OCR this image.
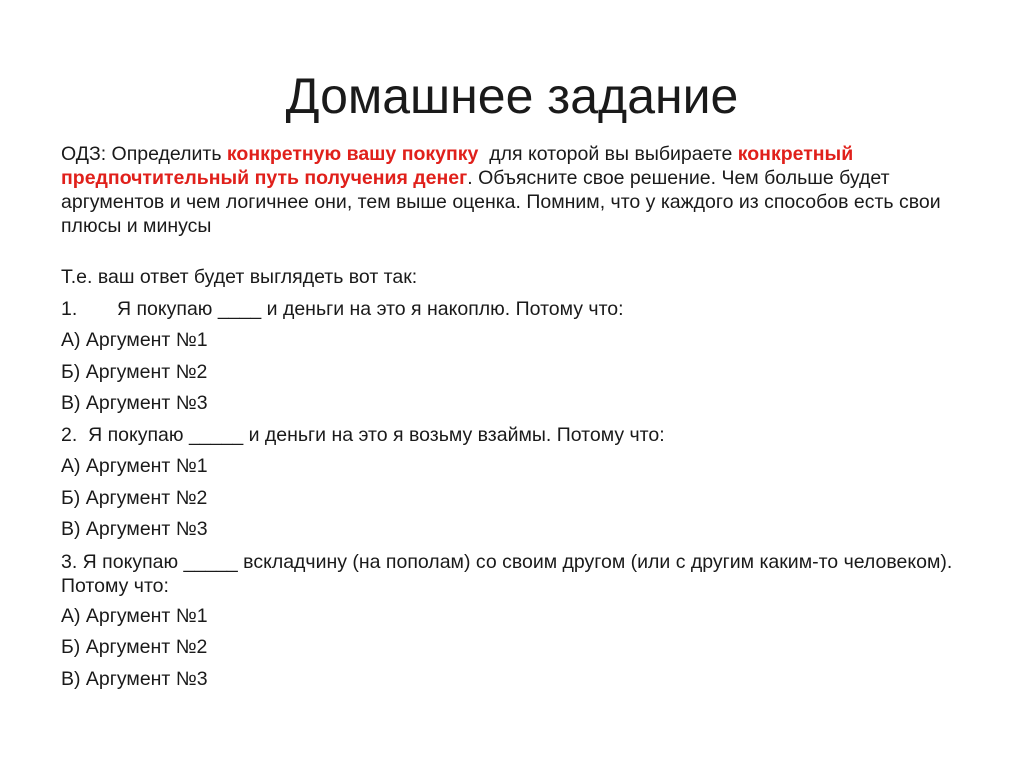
Домашнее задание

ОДЗ: Определить конкретную вашу покупку  для которой вы выбираете конкретный предпочтительный путь получения денег. Объясните свое решение. Чем больше будет аргументов и чем логичнее они, тем выше оценка. Помним, что у каждого из способов есть свои плюсы и минусы

Т.е. ваш ответ будет выглядеть вот так:
1. Я покупаю ____ и деньги на это я накоплю. Потому что:
А) Аргумент №1
Б) Аргумент №2
В) Аргумент №3
2.  Я покупаю _____ и деньги на это я возьму взаймы. Потому что:
А) Аргумент №1
Б) Аргумент №2
В) Аргумент №3
3. Я покупаю _____ вскладчину (на пополам) со своим другом (или с другим каким-то человеком). Потому что:
А) Аргумент №1
Б) Аргумент №2
В) Аргумент №3
